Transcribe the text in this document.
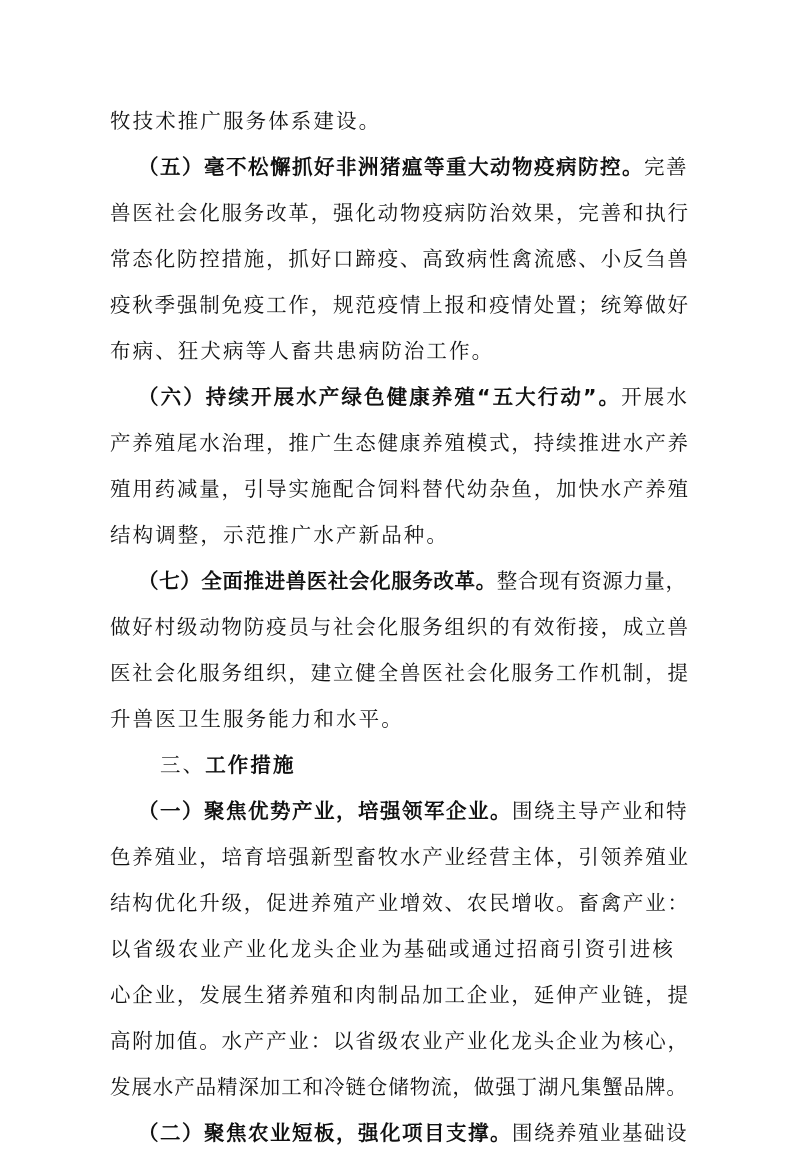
牧技术推广服务体系建设。
（五）毫不松懈抓好非洲猪瘟等重大动物疫病防控。完善
兽医社会化服务改革，强化动物疫病防治效果，完善和执行
常态化防控措施，抓好口蹄疫、高致病性禽流感、小反刍兽
疫秋季强制免疫工作，规范疫情上报和疫情处置；统筹做好
布病、狂犬病等人畜共患病防治工作。
（六）持续开展水产绿色健康养殖“五大行动”。开展水
产养殖尾水治理，推广生态健康养殖模式，持续推进水产养
殖用药减量，引导实施配合饲料替代幼杂鱼，加快水产养殖
结构调整，示范推广水产新品种。
（七）全面推进兽医社会化服务改革。整合现有资源力量，
做好村级动物防疫员与社会化服务组织的有效衔接，成立兽
医社会化服务组织，建立健全兽医社会化服务工作机制，提
升兽医卫生服务能力和水平。
三、工作措施
（一）聚焦优势产业，培强领军企业。围绕主导产业和特
色养殖业，培育培强新型畜牧水产业经营主体，引领养殖业
结构优化升级，促进养殖产业增效、农民增收。畜禽产业：
以省级农业产业化龙头企业为基础或通过招商引资引进核
心企业，发展生猪养殖和肉制品加工企业，延伸产业链，提
高附加值。水产产业：以省级农业产业化龙头企业为核心，
发展水产品精深加工和冷链仓储物流，做强丁湖凡集蟹品牌。
（二）聚焦农业短板，强化项目支撑。围绕养殖业基础设
